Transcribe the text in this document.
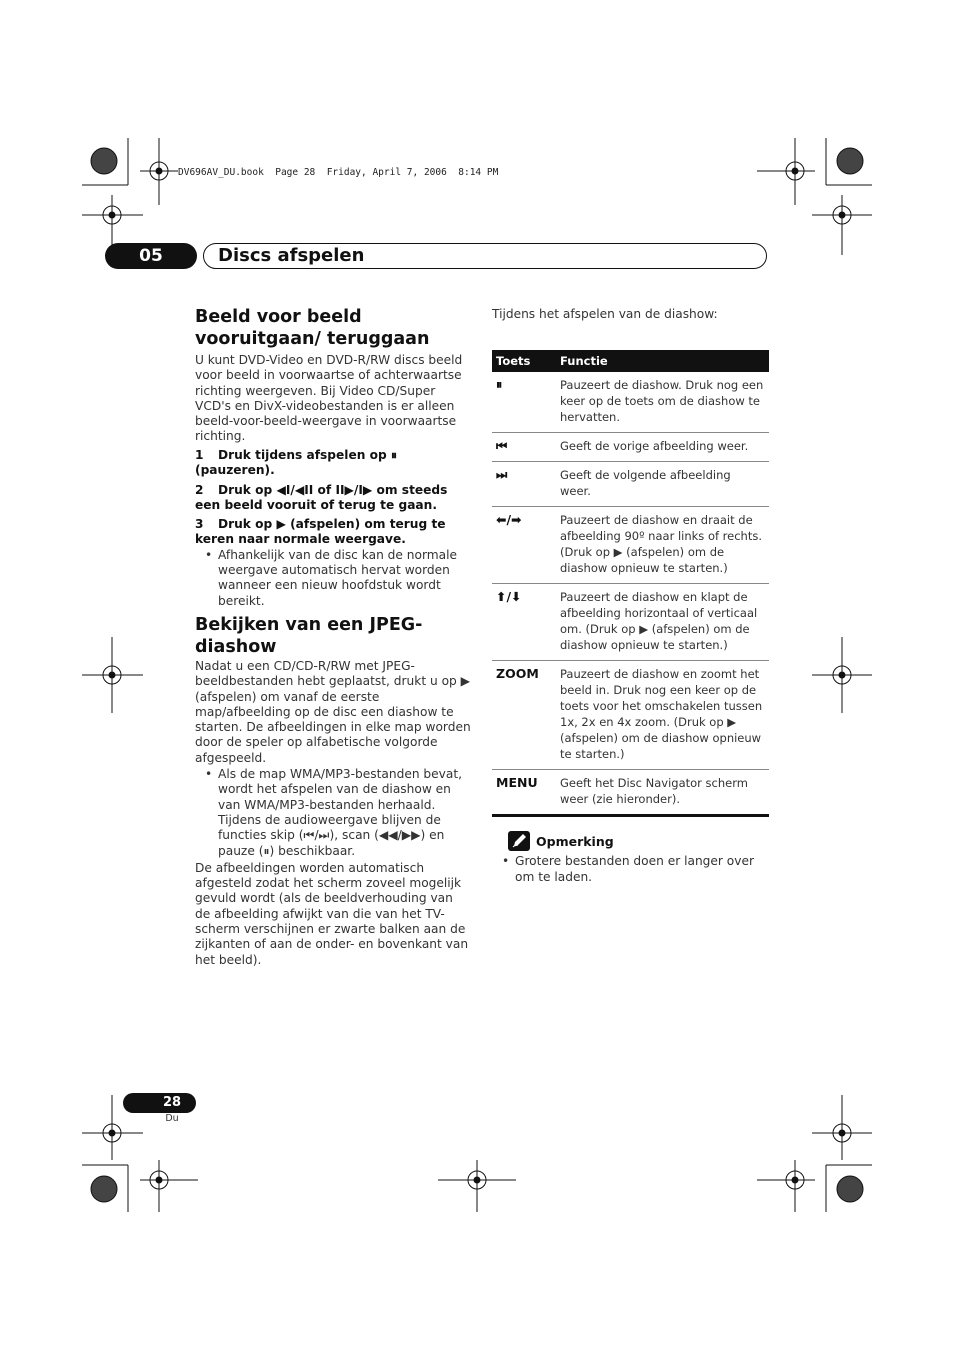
DV696AV_DU.book  Page 28  Friday, April 7, 2006  8:14 PM
05	Discs afspelen
Beeld voor beeld vooruitgaan/ teruggaan

U kunt DVD-Video en DVD-R/RW discs beeld voor beeld in voorwaartse of achterwaartse richting weergeven. Bij Video CD/Super VCD's en DivX-videobestanden is er alleen beeld-voor-beeld-weergave in voorwaartse richting.

1 Druk tijdens afspelen op ⏸ (pauzeren).
2 Druk op ◀I/◀II of II▶/I▶ om steeds een beeld vooruit of terug te gaan.
3 Druk op ▶ (afspelen) om terug te keren naar normale weergave.
• Afhankelijk van de disc kan de normale weergave automatisch hervat worden wanneer een nieuw hoofdstuk wordt bereikt.
Bekijken van een JPEG-diashow

Nadat u een CD/CD-R/RW met JPEG-beeldbestanden hebt geplaatst, drukt u op ▶ (afspelen) om vanaf de eerste map/afbeelding op de disc een diashow te starten. De afbeeldingen in elke map worden door de speler op alfabetische volgorde afgespeeld.

• Als de map WMA/MP3-bestanden bevat, wordt het afspelen van de diashow en van WMA/MP3-bestanden herhaald. Tijdens de audioweergave blijven de functies skip (⏮/⏭), scan (◀◀/▶▶) en pauze (⏸) beschikbaar.

De afbeeldingen worden automatisch afgesteld zodat het scherm zoveel mogelijk gevuld wordt (als de beeldverhouding van de afbeelding afwijkt van die van het TV-scherm verschijnen er zwarte balken aan de zijkanten of aan de onder- en bovenkant van het beeld).

Tijdens het afspelen van de diashow:

Toets	Functie
⏸	Pauzeert de diashow. Druk nog een keer op de toets om de diashow te hervatten.
⏮	Geeft de vorige afbeelding weer.
⏭	Geeft de volgende afbeelding weer.
⬅/➡	Pauzeert de diashow en draait de afbeelding 90º naar links of rechts. (Druk op ▶ (afspelen) om de diashow opnieuw te starten.)
⬆/⬇	Pauzeert de diashow en klapt de afbeelding horizontaal of verticaal om. (Druk op ▶ (afspelen) om de diashow opnieuw te starten.)
ZOOM	Pauzeert de diashow en zoomt het beeld in. Druk nog een keer op de toets voor het omschakelen tussen 1x, 2x en 4x zoom. (Druk op ▶ (afspelen) om de diashow opnieuw te starten.)
MENU	Geeft het Disc Navigator scherm weer (zie hieronder).
Opmerking
• Grotere bestanden doen er langer over om te laden.
28
Du
